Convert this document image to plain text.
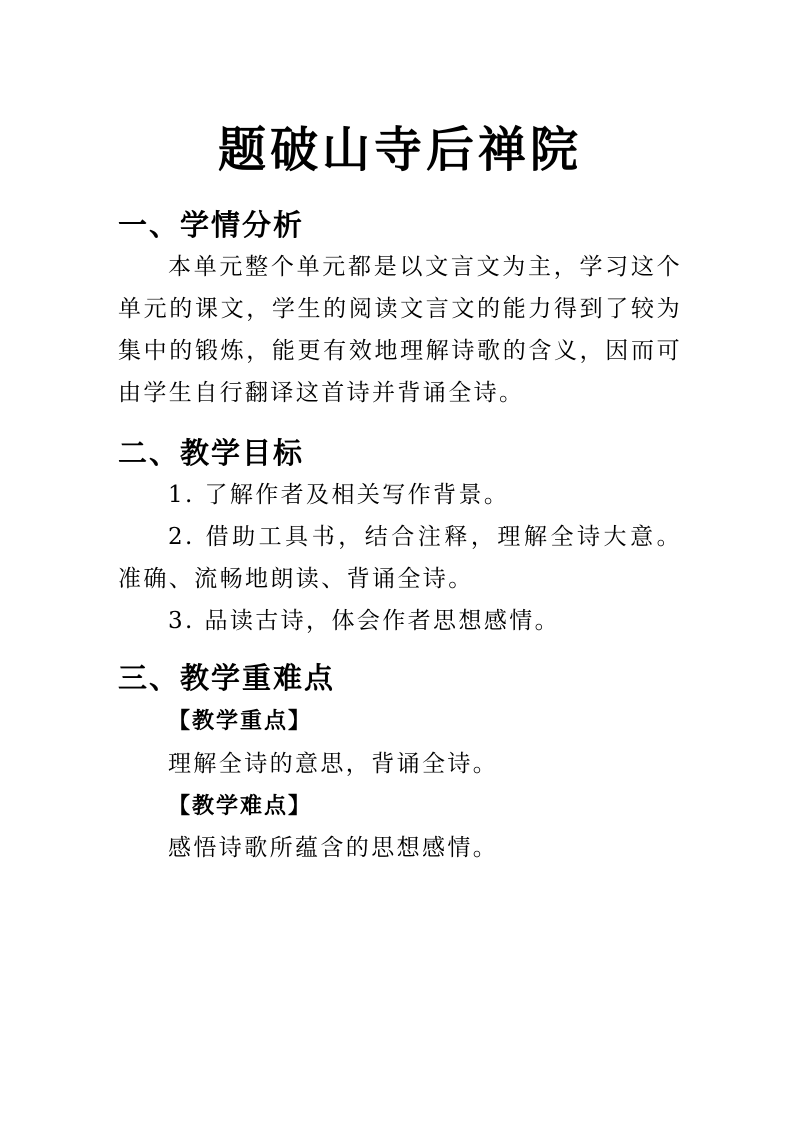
题破山寺后禅院
一、学情分析
本单元整个单元都是以文言文为主，学习这个单元的课文，学生的阅读文言文的能力得到了较为集中的锻炼，能更有效地理解诗歌的含义，因而可由学生自行翻译这首诗并背诵全诗。
二、教学目标
1. 了解作者及相关写作背景。
2. 借助工具书，结合注释，理解全诗大意。准确、流畅地朗读、背诵全诗。
3. 品读古诗，体会作者思想感情。
三、教学重难点
【教学重点】
理解全诗的意思，背诵全诗。
【教学难点】
感悟诗歌所蕴含的思想感情。
